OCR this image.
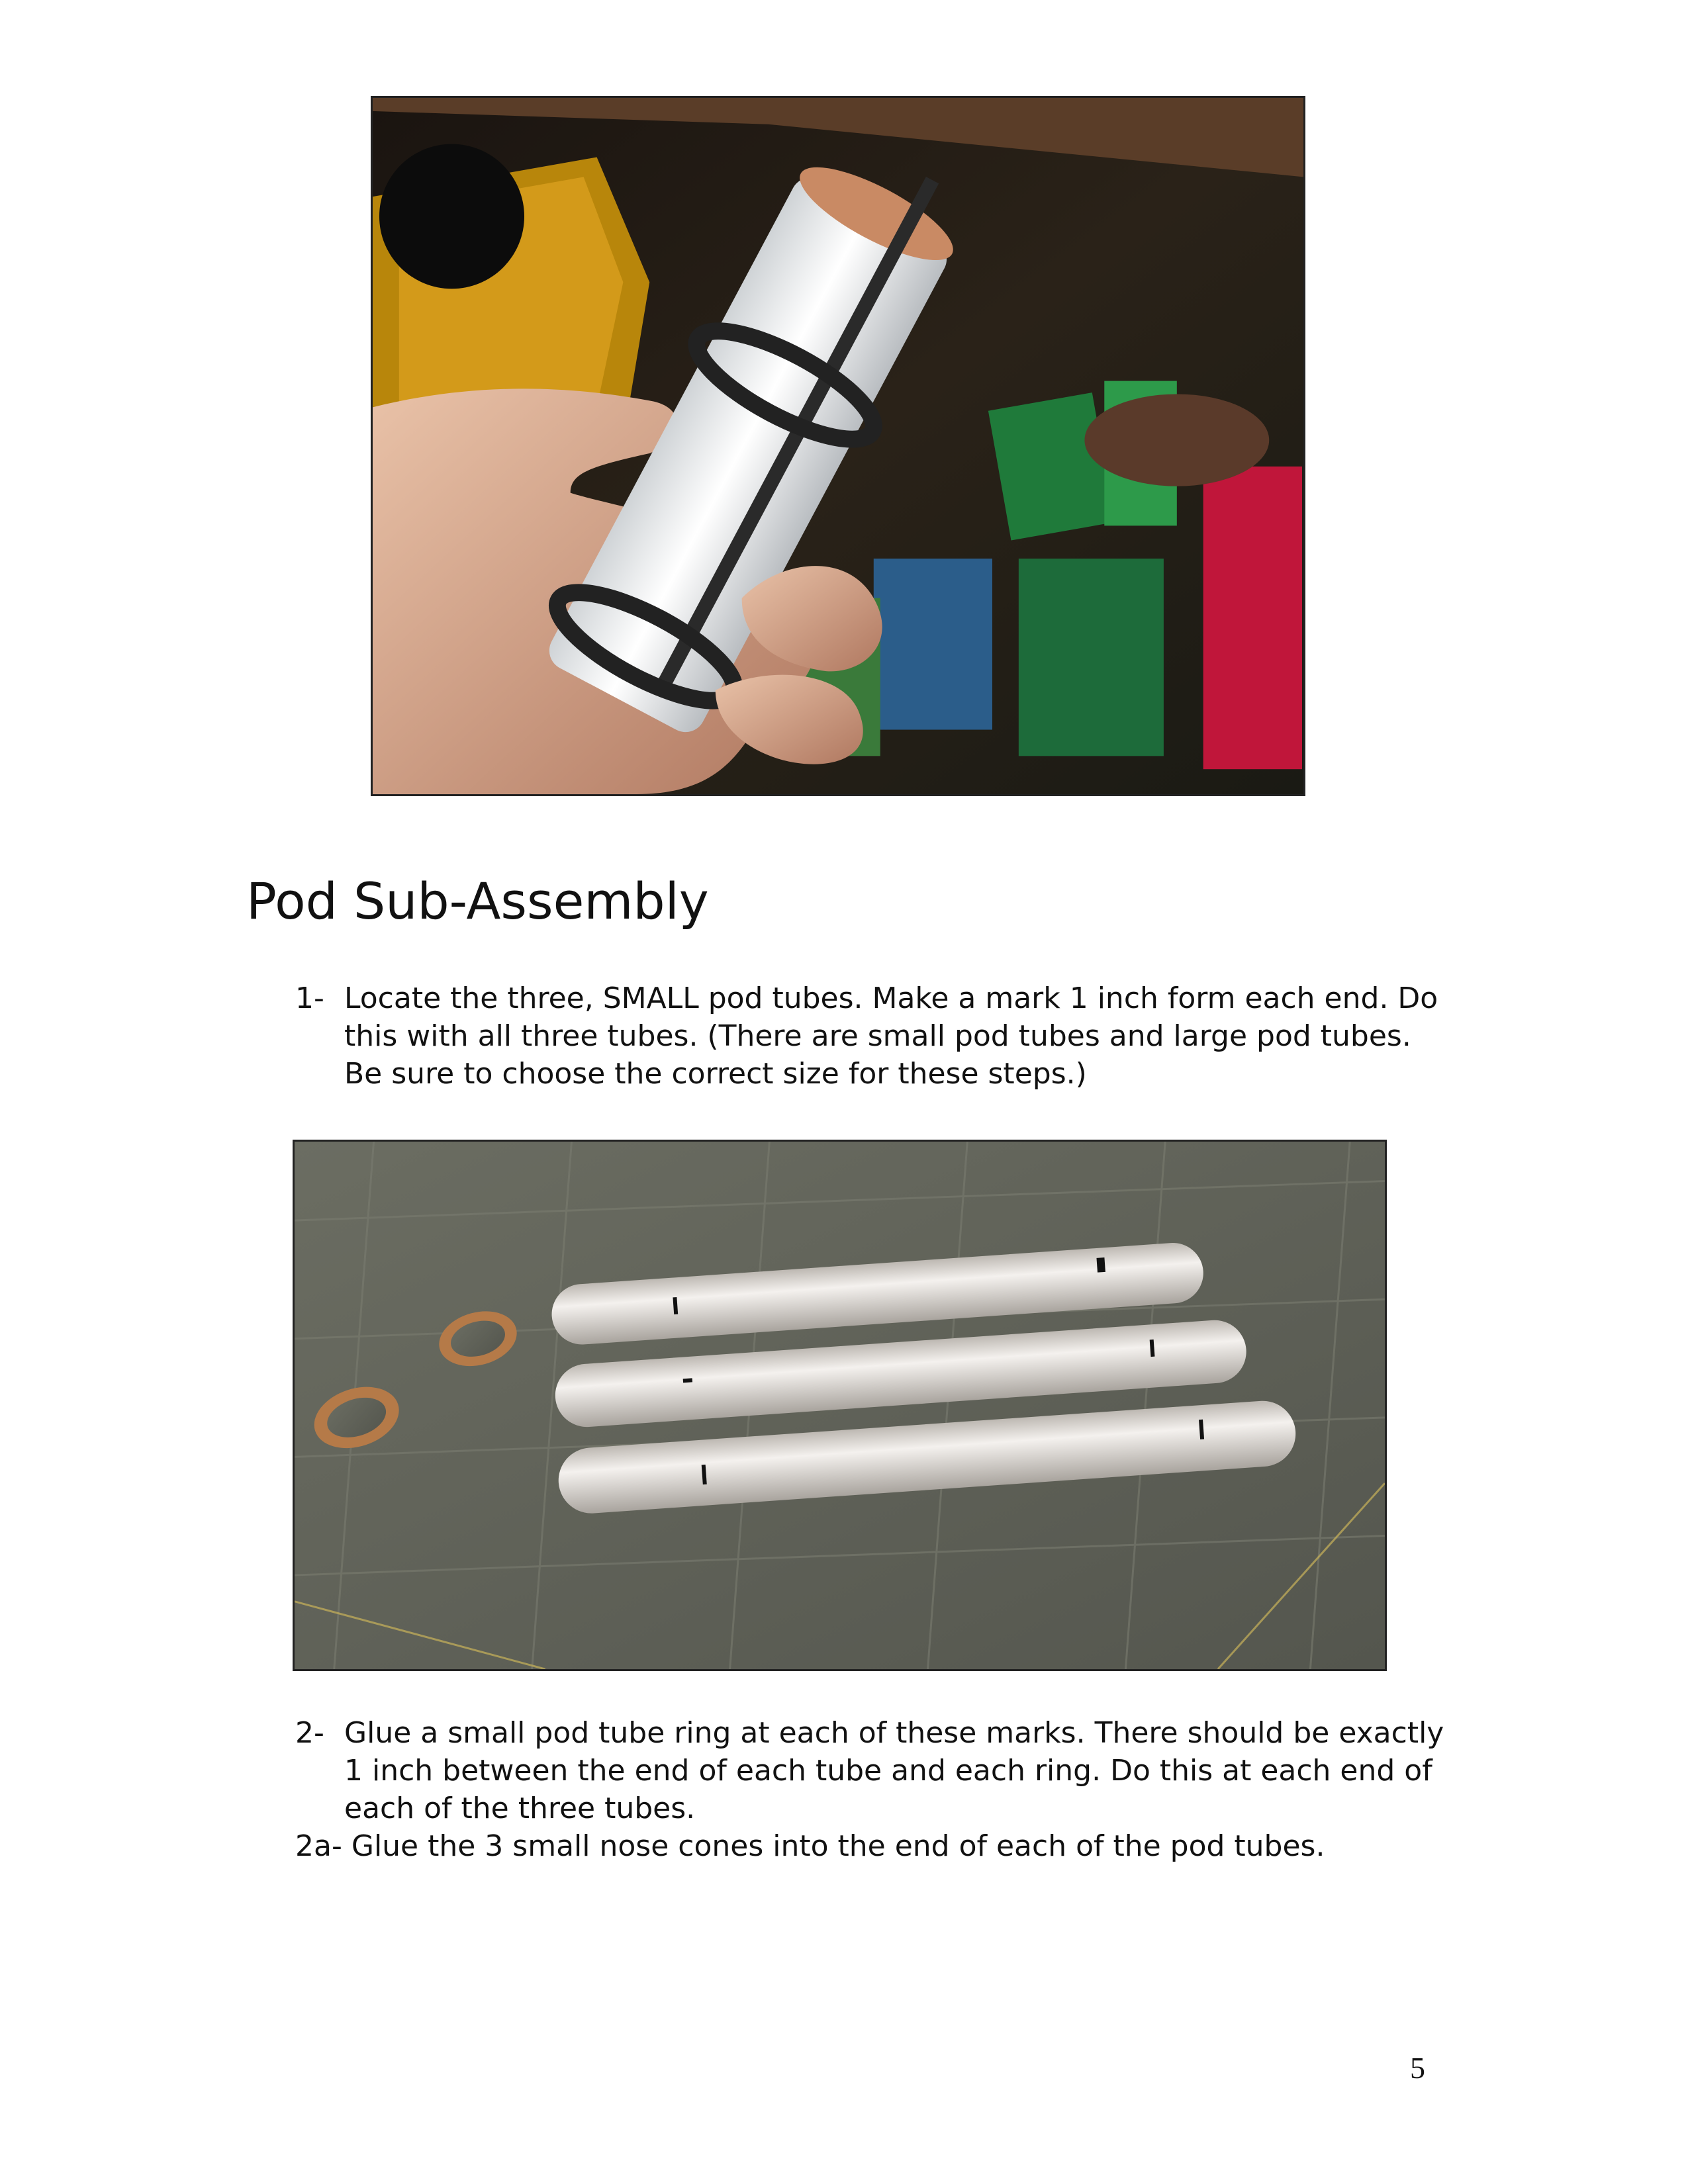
Pod Sub-Assembly
1- Locate the three, SMALL pod tubes. Make a mark 1 inch form each end. Do this with all three tubes. (There are small pod tubes and large pod tubes. Be sure to choose the correct size for these steps.)
2- Glue a small pod tube ring at each of these marks. There should be exactly 1 inch between the end of each tube and each ring. Do this at each end of each of the three tubes.
2a- Glue the 3 small nose cones into the end of each of the pod tubes.
5
